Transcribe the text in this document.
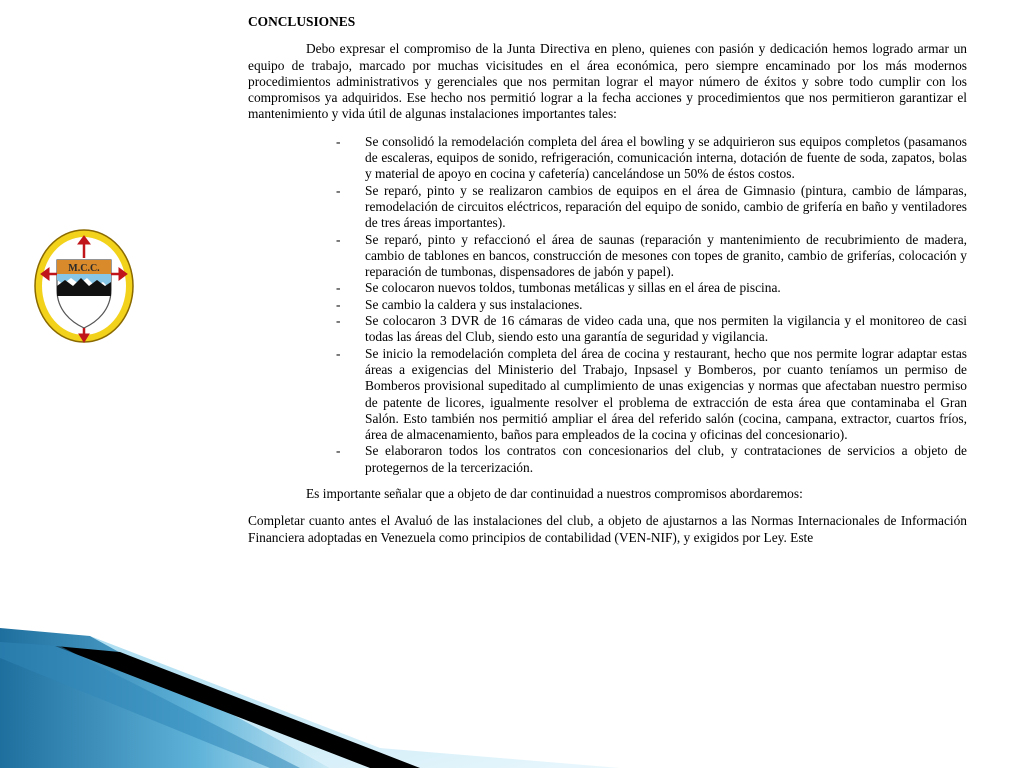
M.C.C.
CONCLUSIONES

Debo expresar el compromiso de la Junta Directiva en pleno, quienes con pasión y dedicación hemos logrado armar un equipo de trabajo, marcado por muchas vicisitudes en el área económica, pero siempre encaminado por los más modernos procedimientos administrativos y gerenciales que nos permitan lograr el mayor número de éxitos y sobre todo cumplir con los compromisos ya adquiridos. Ese hecho nos permitió lograr a la fecha acciones y procedimientos que nos permitieron garantizar el mantenimiento y vida útil de algunas instalaciones importantes tales:

- Se consolidó la remodelación completa del área el bowling y se adquirieron sus equipos completos (pasamanos de escaleras, equipos de sonido, refrigeración, comunicación interna, dotación de fuente de soda, zapatos, bolas y material de apoyo en cocina y cafetería) cancelándose un 50% de éstos costos.
- Se reparó, pinto y se realizaron cambios de equipos en el área de Gimnasio (pintura, cambio de lámparas, remodelación de circuitos eléctricos, reparación del equipo de sonido, cambio de grifería en baño y ventiladores de tres áreas importantes).
- Se reparó, pinto y refaccionó el área de saunas (reparación y mantenimiento de recubrimiento de madera, cambio de tablones en bancos, construcción de mesones con topes de granito, cambio de griferías, colocación y reparación de tumbonas, dispensadores de jabón y papel).
- Se colocaron nuevos toldos, tumbonas metálicas y sillas en el área de piscina.
- Se cambio la caldera y sus instalaciones.
- Se colocaron 3 DVR de 16 cámaras de video cada una, que nos permiten la vigilancia y el monitoreo de casi todas las áreas del Club, siendo esto una garantía de seguridad y vigilancia.
- Se inicio la remodelación completa del área de cocina y restaurant, hecho que nos permite lograr adaptar estas áreas a exigencias del Ministerio del Trabajo, Inpsasel y Bomberos, por cuanto teníamos un permiso de Bomberos provisional supeditado al cumplimiento de unas exigencias y normas que afectaban nuestro permiso de patente de licores, igualmente resolver el problema de extracción de esta área que contaminaba el Gran Salón. Esto también nos permitió ampliar el área del referido salón (cocina, campana, extractor, cuartos fríos, área de almacenamiento, baños para empleados de la cocina y oficinas del concesionario).
- Se elaboraron todos los contratos con concesionarios del club, y contrataciones de servicios a objeto de protegernos de la tercerización.

Es importante señalar que a objeto de dar continuidad a nuestros compromisos abordaremos:

Completar cuanto antes el Avaluó de las instalaciones del club, a objeto de ajustarnos a las Normas Internacionales de Información Financiera adoptadas en Venezuela como principios de contabilidad (VEN-NIF), y exigidos por Ley. Este
